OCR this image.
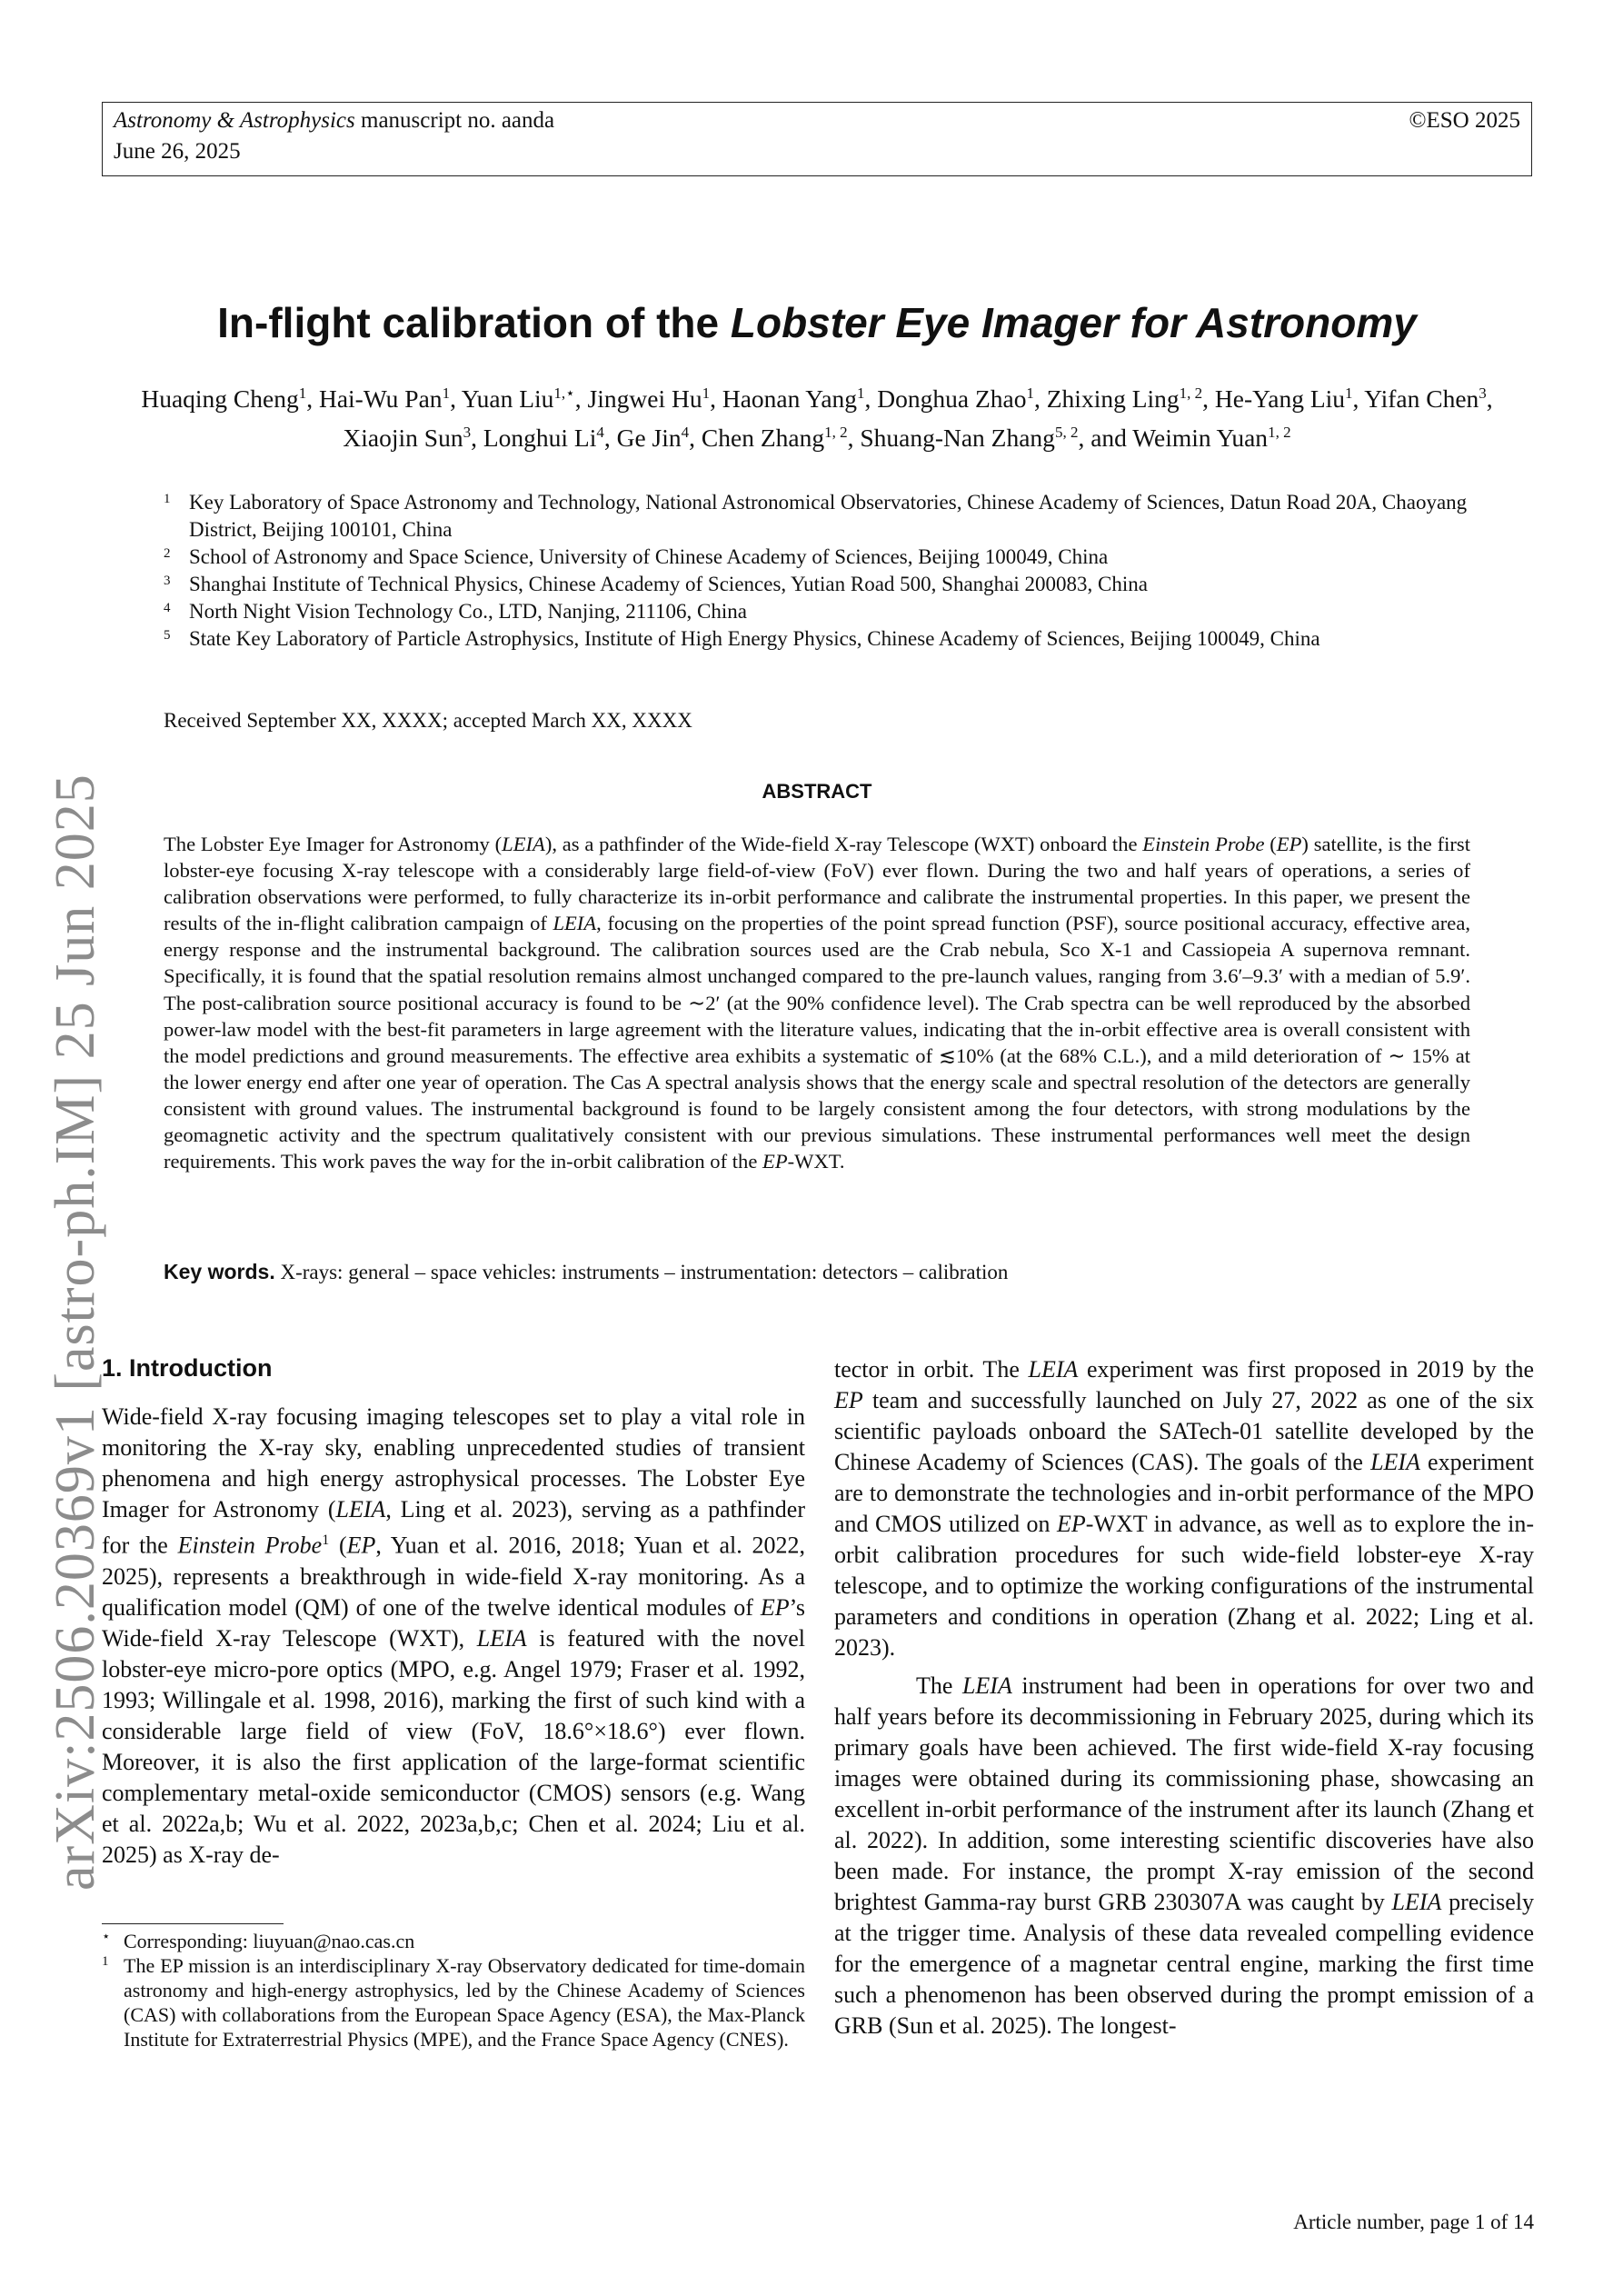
Astronomy & Astrophysics manuscript no. aanda
June 26, 2025
©ESO 2025
arXiv:2506.20369v1 [astro-ph.IM] 25 Jun 2025
In-flight calibration of the Lobster Eye Imager for Astronomy
Huaqing Cheng$^1$, Hai-Wu Pan$^1$, Yuan Liu$^{1,⋆}$, Jingwei Hu$^1$, Haonan Yang$^1$, Donghua Zhao$^1$, Zhixing Ling$^{1, 2}$, He-Yang Liu$^1$, Yifan Chen$^3$, Xiaojin Sun$^3$, Longhui Li$^4$, Ge Jin$^4$, Chen Zhang$^{1, 2}$, Shuang-Nan Zhang$^{5, 2}$, and Weimin Yuan$^{1, 2}$
1 Key Laboratory of Space Astronomy and Technology, National Astronomical Observatories, Chinese Academy of Sciences, Datun Road 20A, Chaoyang District, Beijing 100101, China
2 School of Astronomy and Space Science, University of Chinese Academy of Sciences, Beijing 100049, China
3 Shanghai Institute of Technical Physics, Chinese Academy of Sciences, Yutian Road 500, Shanghai 200083, China
4 North Night Vision Technology Co., LTD, Nanjing, 211106, China
5 State Key Laboratory of Particle Astrophysics, Institute of High Energy Physics, Chinese Academy of Sciences, Beijing 100049, China
Received September XX, XXXX; accepted March XX, XXXX
ABSTRACT
The Lobster Eye Imager for Astronomy (LEIA), as a pathfinder of the Wide-field X-ray Telescope (WXT) onboard the Einstein Probe (EP) satellite, is the first lobster-eye focusing X-ray telescope with a considerably large field-of-view (FoV) ever flown. During the two and half years of operations, a series of calibration observations were performed, to fully characterize its in-orbit performance and calibrate the instrumental properties. In this paper, we present the results of the in-flight calibration campaign of LEIA, focusing on the properties of the point spread function (PSF), source positional accuracy, effective area, energy response and the instrumental background. The calibration sources used are the Crab nebula, Sco X-1 and Cassiopeia A supernova remnant. Specifically, it is found that the spatial resolution remains almost unchanged compared to the pre-launch values, ranging from 3.6′–9.3′ with a median of 5.9′. The post-calibration source positional accuracy is found to be ∼2′ (at the 90% confidence level). The Crab spectra can be well reproduced by the absorbed power-law model with the best-fit parameters in large agreement with the literature values, indicating that the in-orbit effective area is overall consistent with the model predictions and ground measurements. The effective area exhibits a systematic of ≲10% (at the 68% C.L.), and a mild deterioration of ∼ 15% at the lower energy end after one year of operation. The Cas A spectral analysis shows that the energy scale and spectral resolution of the detectors are generally consistent with ground values. The instrumental background is found to be largely consistent among the four detectors, with strong modulations by the geomagnetic activity and the spectrum qualitatively consistent with our previous simulations. These instrumental performances well meet the design requirements. This work paves the way for the in-orbit calibration of the EP-WXT.
Key words. X-rays: general – space vehicles: instruments – instrumentation: detectors – calibration
1. Introduction
Wide-field X-ray focusing imaging telescopes set to play a vital role in monitoring the X-ray sky, enabling unprecedented studies of transient phenomena and high energy astrophysical processes. The Lobster Eye Imager for Astronomy (LEIA, Ling et al. 2023), serving as a pathfinder for the Einstein Probe$^1$ (EP, Yuan et al. 2016, 2018; Yuan et al. 2022, 2025), represents a breakthrough in wide-field X-ray monitoring. As a qualification model (QM) of one of the twelve identical modules of EP’s Wide-field X-ray Telescope (WXT), LEIA is featured with the novel lobster-eye micro-pore optics (MPO, e.g. Angel 1979; Fraser et al. 1992, 1993; Willingale et al. 1998, 2016), marking the first of such kind with a considerable large field of view (FoV, 18.6°×18.6°) ever flown. Moreover, it is also the first application of the large-format scientific complementary metal-oxide semiconductor (CMOS) sensors (e.g. Wang et al. 2022a,b; Wu et al. 2022, 2023a,b,c; Chen et al. 2024; Liu et al. 2025) as X-ray de-
tector in orbit. The LEIA experiment was first proposed in 2019 by the EP team and successfully launched on July 27, 2022 as one of the six scientific payloads onboard the SATech-01 satellite developed by the Chinese Academy of Sciences (CAS). The goals of the LEIA experiment are to demonstrate the technologies and in-orbit performance of the MPO and CMOS utilized on EP-WXT in advance, as well as to explore the in-orbit calibration procedures for such wide-field lobster-eye X-ray telescope, and to optimize the working configurations of the instrumental parameters and conditions in operation (Zhang et al. 2022; Ling et al. 2023).
The LEIA instrument had been in operations for over two and half years before its decommissioning in February 2025, during which its primary goals have been achieved. The first wide-field X-ray focusing images were obtained during its commissioning phase, showcasing an excellent in-orbit performance of the instrument after its launch (Zhang et al. 2022). In addition, some interesting scientific discoveries have also been made. For instance, the prompt X-ray emission of the second brightest Gamma-ray burst GRB 230307A was caught by LEIA precisely at the trigger time. Analysis of these data revealed compelling evidence for the emergence of a magnetar central engine, marking the first time such a phenomenon has been observed during the prompt emission of a GRB (Sun et al. 2025). The longest-
⋆ Corresponding: liuyuan@nao.cas.cn
1 The EP mission is an interdisciplinary X-ray Observatory dedicated for time-domain astronomy and high-energy astrophysics, led by the Chinese Academy of Sciences (CAS) with collaborations from the European Space Agency (ESA), the Max-Planck Institute for Extraterrestrial Physics (MPE), and the France Space Agency (CNES).
Article number, page 1 of 14
